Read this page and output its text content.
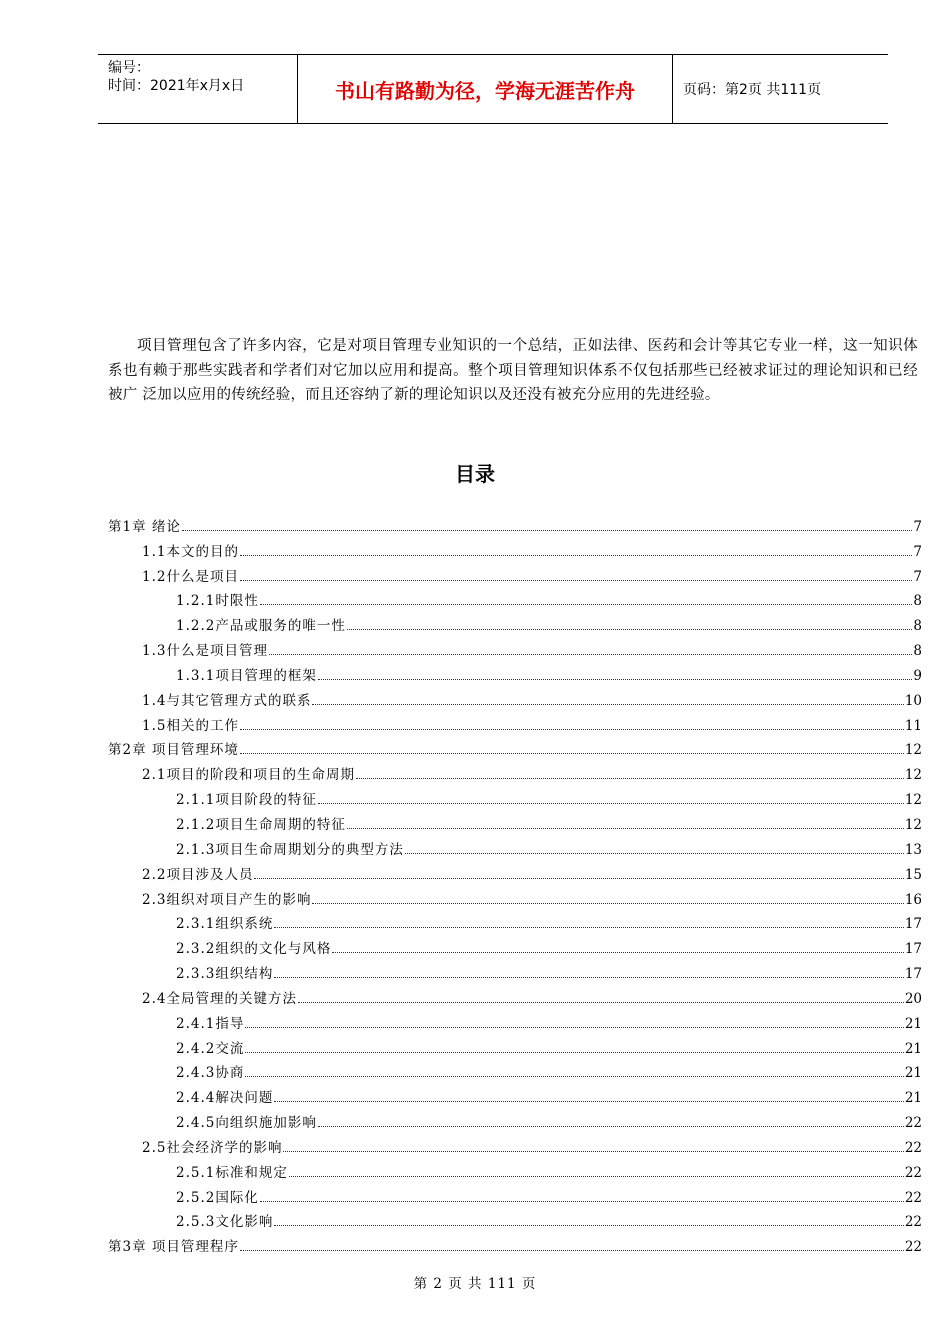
编号：
时间：2021年x月x日	书山有路勤为径，学海无涯苦作舟	页码：第2页 共111页
项目管理包含了许多内容，它是对项目管理专业知识的一个总结，正如法律、医药和会计等其它专业一样，这一知识体系也有赖于那些实践者和学者们对它加以应用和提高。整个项目管理知识体系不仅包括那些已经被求证过的理论知识和已经被广 泛加以应用的传统经验，而且还容纳了新的理论知识以及还没有被充分应用的先进经验。
目录
第1章 绪论	7
1.1本文的目的	7
1.2什么是项目	7
1.2.1时限性	8
1.2.2产品或服务的唯一性	8
1.3什么是项目管理	8
1.3.1项目管理的框架	9
1.4与其它管理方式的联系	10
1.5相关的工作	11
第2章 项目管理环境	12
2.1项目的阶段和项目的生命周期	12
2.1.1项目阶段的特征	12
2.1.2项目生命周期的特征	12
2.1.3项目生命周期划分的典型方法	13
2.2项目涉及人员	15
2.3组织对项目产生的影响	16
2.3.1组织系统	17
2.3.2组织的文化与风格	17
2.3.3组织结构	17
2.4全局管理的关键方法	20
2.4.1指导	21
2.4.2交流	21
2.4.3协商	21
2.4.4解决问题	21
2.4.5向组织施加影响	22
2.5社会经济学的影响	22
2.5.1标准和规定	22
2.5.2国际化	22
2.5.3文化影响	22
第3章 项目管理程序	22
第 2 页 共 111 页
